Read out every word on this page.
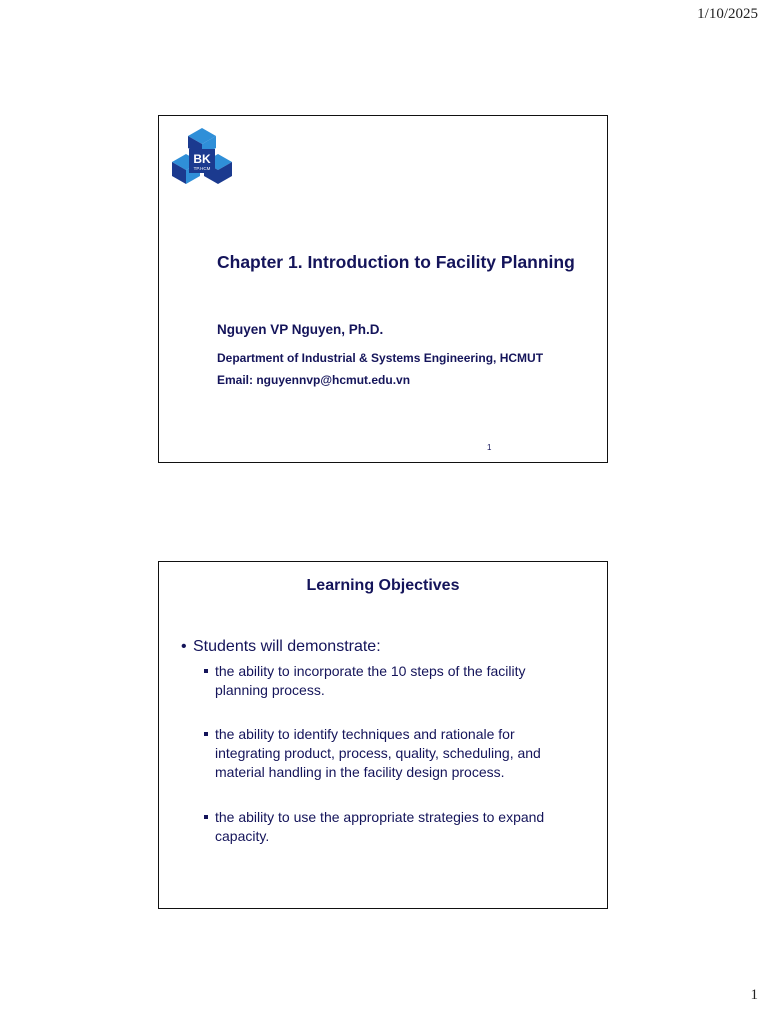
1/10/2025
BK
TP.HCM
Chapter 1. Introduction to Facility Planning
Nguyen VP Nguyen, Ph.D.
Department of Industrial & Systems Engineering, HCMUT
Email: nguyennvp@hcmut.edu.vn
1
Learning Objectives
• Students will demonstrate:
the ability to incorporate the 10 steps of the facility planning process.
the ability to identify techniques and rationale for integrating product, process, quality, scheduling, and material handling in the facility design process.
the ability to use the appropriate strategies to expand capacity.
1
